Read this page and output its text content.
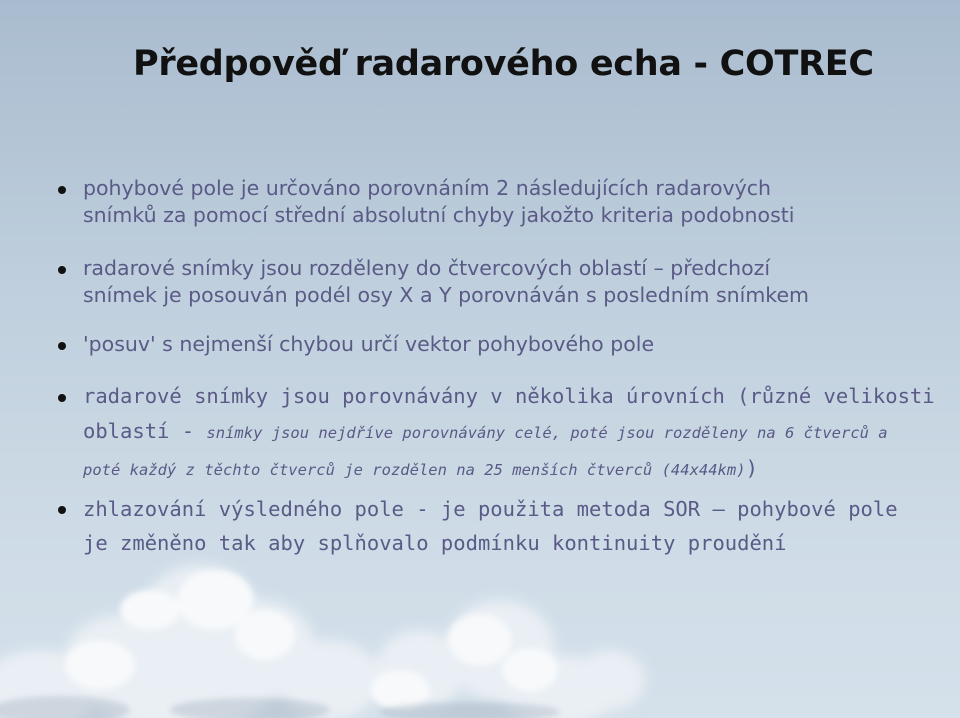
Předpověď radarového echa - COTREC
pohybové pole je určováno porovnáním 2 následujících radarových
snímků za pomocí střední absolutní chyby jakožto kriteria podobnosti
radarové snímky jsou rozděleny do čtvercových oblastí – předchozí
snímek je posouván podél osy X a Y porovnáván s posledním snímkem
'posuv' s nejmenší chybou určí vektor pohybového pole
radarové snímky jsou porovnávány v několika úrovních (různé velikosti
oblastí - snímky jsou nejdříve porovnávány celé, poté jsou rozděleny na 6 čtverců a
poté každý z těchto čtverců je rozdělen na 25 menších čtverců (44x44km))
zhlazování výsledného pole - je použita metoda SOR – pohybové pole
je změněno tak aby splňovalo podmínku kontinuity proudění
